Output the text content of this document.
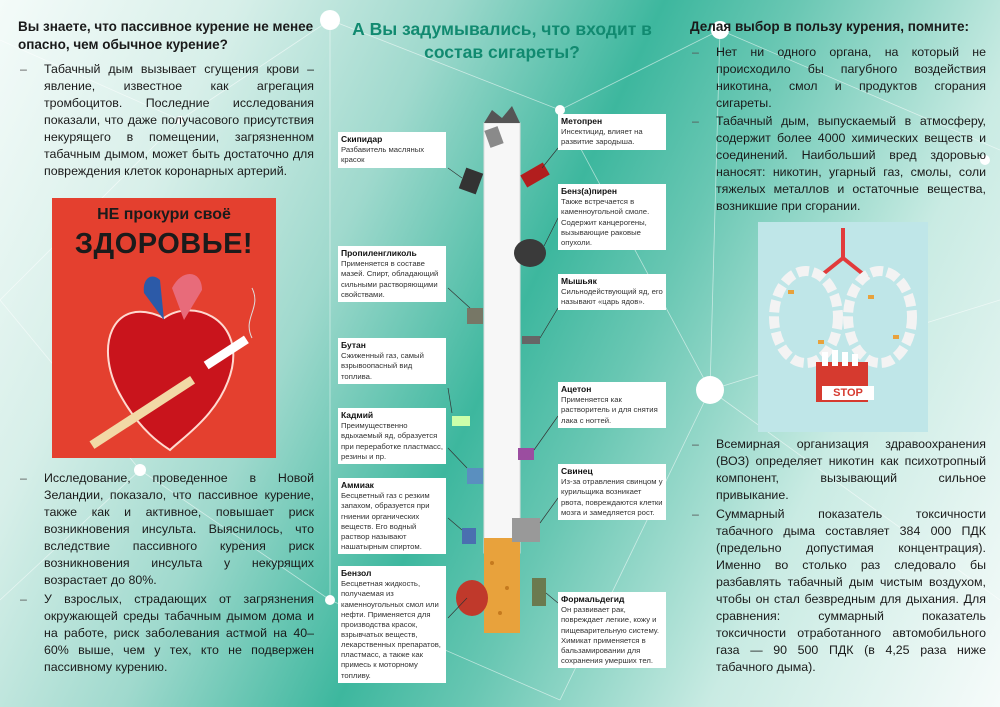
Вы знаете, что пассивное курение не менее опасно, чем обычное курение?

– Табачный дым вызывает сгущения крови – явление, известное как агрегация тромбоцитов. Последние исследования показали, что даже получасового присутствия некурящего в помещении, загрязненном табачным дымом, может быть достаточно для повреждения клеток коронарных артерий.

НЕ прокури своё
ЗДОРОВЬЕ!

– Исследование, проведенное в Новой Зеландии, показало, что пассивное курение, также как и активное, повышает риск возникновения инсульта. Выяснилось, что вследствие пассивного курения риск возникновения инсульта у некурящих возрастает до 80%.

– У взрослых, страдающих от загрязнения окружающей среды табачным дымом дома и на работе, риск заболевания астмой на 40–60% выше, чем у тех, кто не подвержен пассивному курению.

А Вы задумывались, что входит в состав сигареты?
Скипидар
Разбавитель масляных красок
Пропиленгликоль
Применяется в составе мазей. Спирт, обладающий сильными растворяющими свойствами.
Бутан
Сжиженный газ, самый взрывоопасный вид топлива.
Кадмий
Преимущественно вдыхаемый яд, образуется при переработке пластмасс, резины и пр.
Аммиак
Бесцветный газ с резким запахом, образуется при гниении органических веществ. Его водный раствор называют нашатырным спиртом.
Бензол
Бесцветная жидкость, получаемая из каменноугольных смол или нефти. Применяется для производства красок, взрывчатых веществ, лекарственных препаратов, пластмасс, а также как примесь к моторному топливу.
Метопрен
Инсектицид, влияет на развитие зародыша.
Бенз(а)пирен
Также встречается в каменноугольной смоле. Содержит канцерогены, вызывающие раковые опухоли.
Мышьяк
Сильнодействующий яд, его называют «царь ядов».
Ацетон
Применяется как растворитель и для снятия лака с ногтей.
Свинец
Из-за отравления свинцом у курильщика возникает рвота, повреждаются клетки мозга и замедляется рост.
Формальдегид
Он развивает рак, повреждает легкие, кожу и пищеварительную систему. Химикат применяется в бальзамировании для сохранения умерших тел.
Делая выбор в пользу курения, помните:

– Нет ни одного органа, на который не происходило бы пагубного воздействия никотина, смол и продуктов сгорания сигареты.

– Табачный дым, выпускаемый в атмосферу, содержит более 4000 химических веществ и соединений. Наибольший вред здоровью наносят: никотин, угарный газ, смолы, соли тяжелых металлов и остаточные вещества, возникшие при сгорании.

STOP

– Всемирная организация здравоохранения (ВОЗ) определяет никотин как психотропный компонент, вызывающий сильное привыкание.

– Суммарный показатель токсичности табачного дыма составляет 384 000 ПДК (предельно допустимая концентрация). Именно во столько раз следовало бы разбавлять табачный дым чистым воздухом, чтобы он стал безвредным для дыхания. Для сравнения: суммарный показатель токсичности отработанного автомобильного газа — 90 500 ПДК (в 4,25 раза ниже табачного дыма).
